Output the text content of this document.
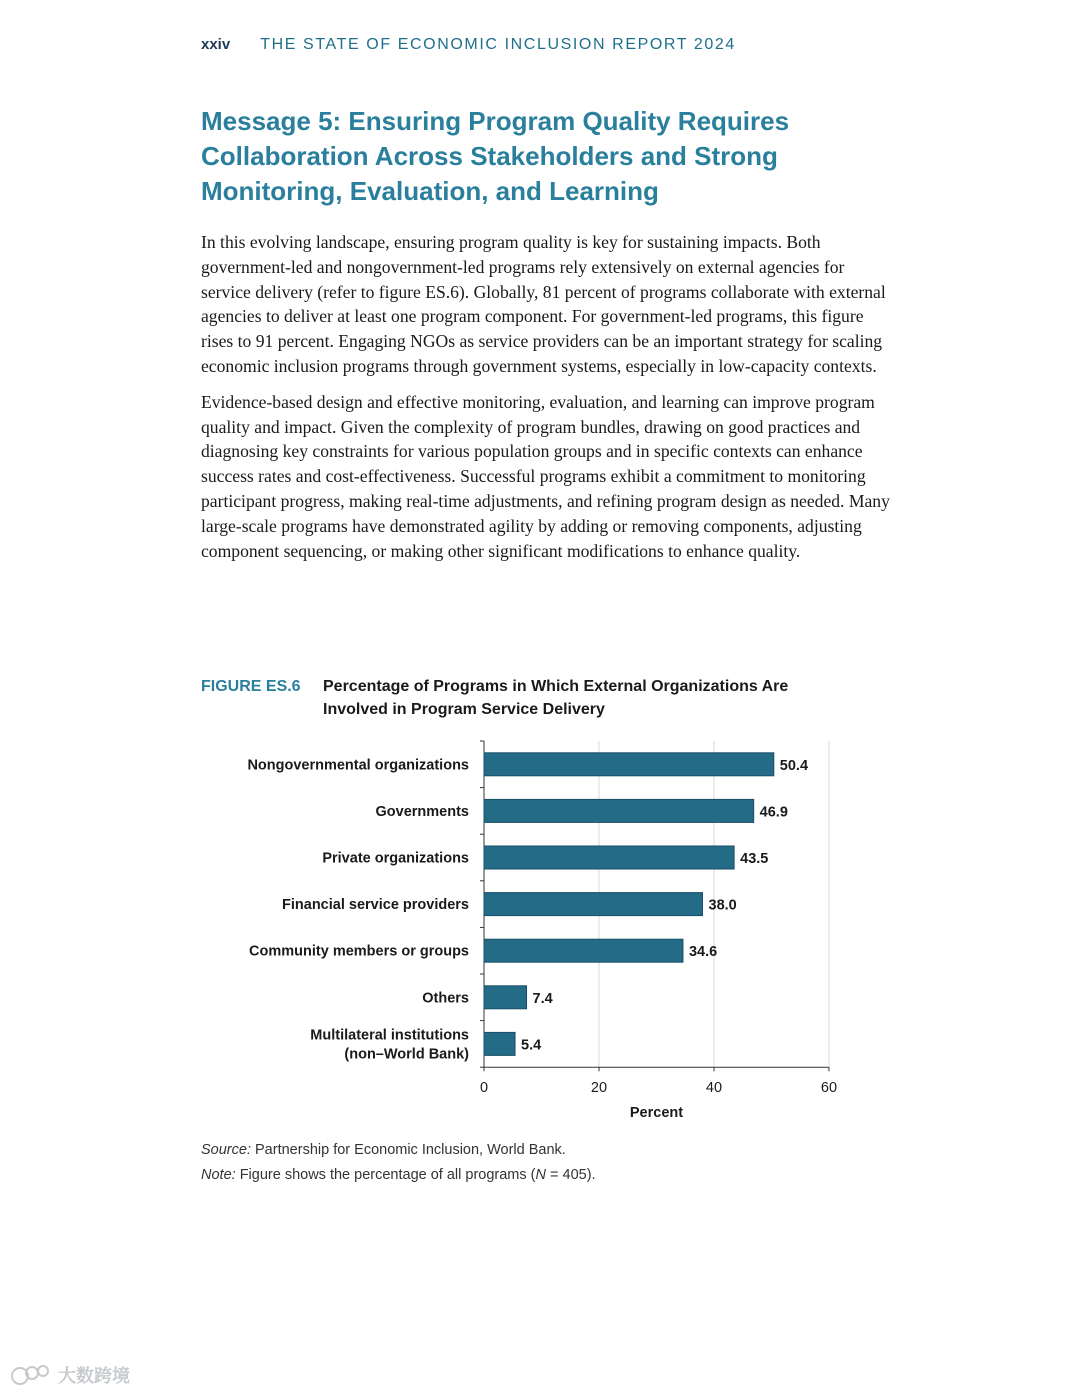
xxiv THE STATE OF ECONOMIC INCLUSION REPORT 2024
Message 5: Ensuring Program Quality Requires Collaboration Across Stakeholders and Strong Monitoring, Evaluation, and Learning

In this evolving landscape, ensuring program quality is key for sustaining impacts. Both government-led and nongovernment-led programs rely extensively on external agencies for service delivery (refer to figure ES.6). Globally, 81 percent of programs collaborate with external agencies to deliver at least one program component. For government-led programs, this figure rises to 91 percent. Engaging NGOs as service providers can be an important strategy for scaling economic inclusion programs through government systems, especially in low-capacity contexts.

Evidence-based design and effective monitoring, evaluation, and learning can improve program quality and impact. Given the complexity of program bundles, drawing on good practices and diagnosing key constraints for various population groups and in specific contexts can enhance success rates and cost-effectiveness. Successful programs exhibit a commitment to monitoring participant progress, making real-time adjustments, and refining program design as needed. Many large-scale programs have demonstrated agility by adding or removing components, adjusting component sequencing, or making other significant modifications to enhance quality.

FIGURE ES.6	Percentage of Programs in Which External Organizations Are Involved in Program Service Delivery
50.4
Nongovernmental organizations
46.9
Governments
43.5
Private organizations
38.0
Financial service providers
34.6
Community members or groups
7.4
Others
5.4
Multilateral institutions
(non–World Bank)
0	20	40	60
Percent

Source: Partnership for Economic Inclusion, World Bank.

Note: Figure shows the percentage of all programs (N = 405).

大数跨境
